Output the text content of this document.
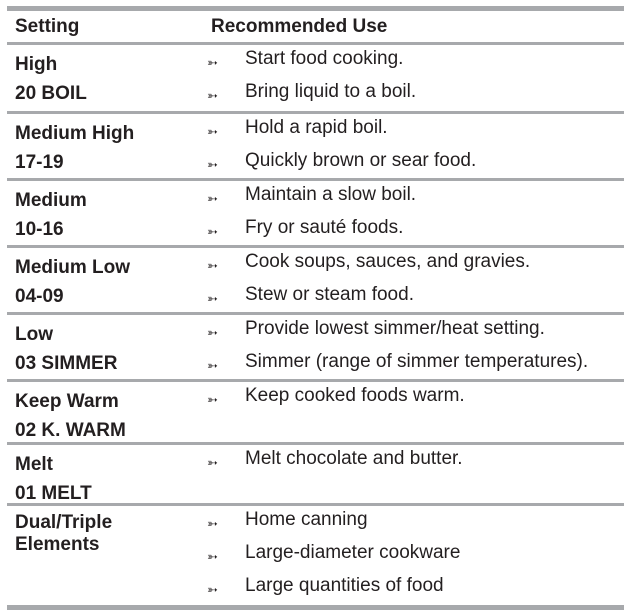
Setting	Recommended Use
High
20 BOIL
➳ Start food cooking.
➳ Bring liquid to a boil.
Medium High
17-19
➳ Hold a rapid boil.
➳ Quickly brown or sear food.
Medium
10-16
➳ Maintain a slow boil.
➳ Fry or sauté foods.
Medium Low
04-09
➳ Cook soups, sauces, and gravies.
➳ Stew or steam food.
Low
03 SIMMER
➳ Provide lowest simmer/heat setting.
➳ Simmer (range of simmer temperatures).
Keep Warm
02 K. WARM
➳ Keep cooked foods warm.
Melt
01 MELT
➳ Melt chocolate and butter.
Dual/Triple
Elements
➳ Home canning
➳ Large-diameter cookware
➳ Large quantities of food
